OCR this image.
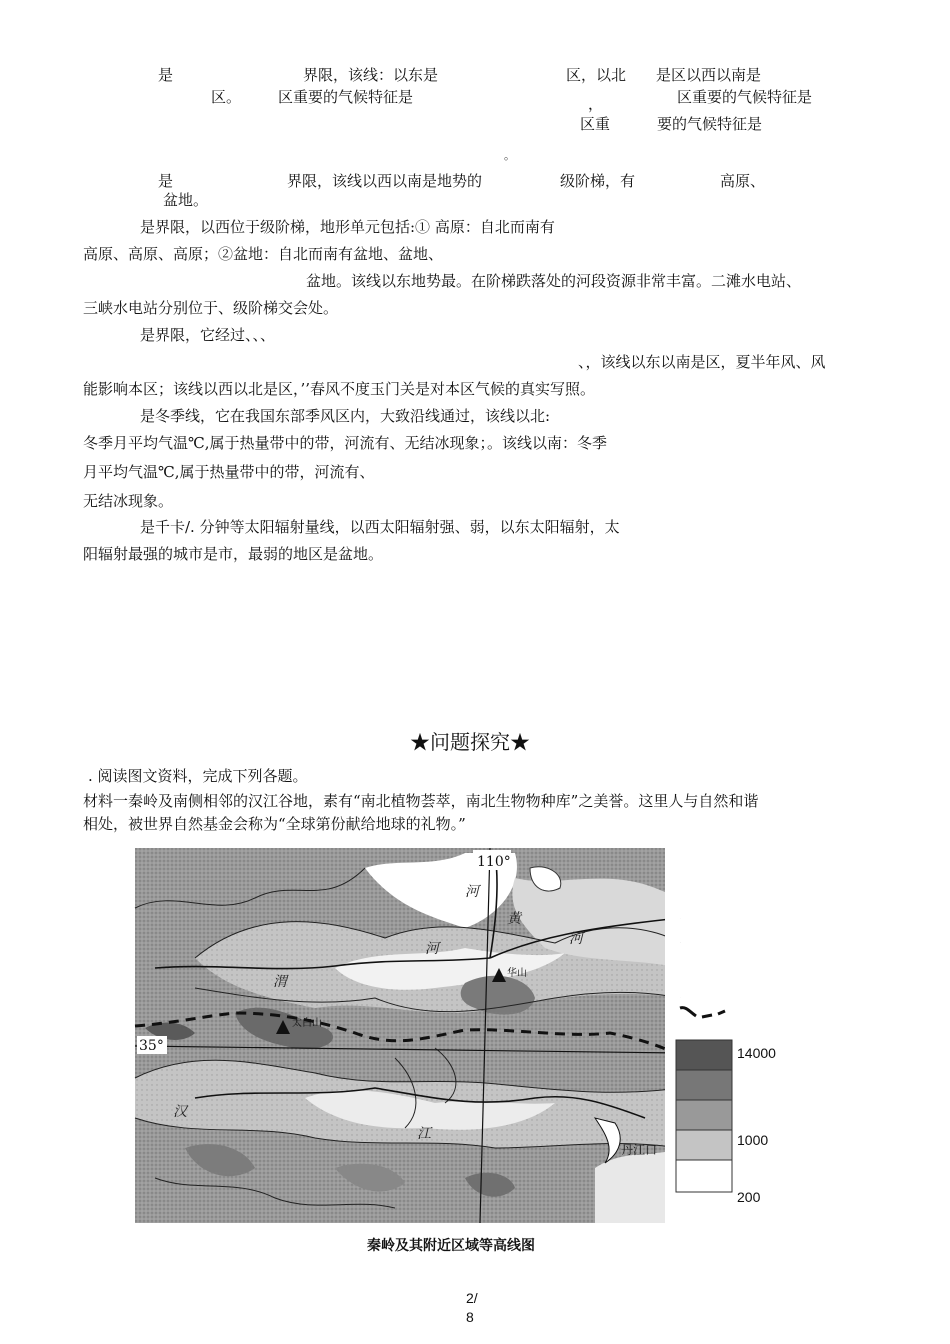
是	界限，该线：以东是	区，以北 是区以西以南是
区。 区重要的气候特征是	，	区重要的气候特征是
区重	要的气候特征是
。
是	界限，该线以西以南是地势的	级阶梯，有	高原、
盆地。
是界限，以西位于级阶梯，地形单元包括:① 高原：自北而南有
高原、高原、高原；②盆地：自北而南有盆地、盆地、
盆地。该线以东地势最。在阶梯跌落处的河段资源非常丰富。二滩水电站、
三峡水电站分别位于、级阶梯交会处。
是界限，它经过、、、
、，该线以东以南是区，夏半年风、风
能影响本区；该线以西以北是区，’’春风不度玉门关是对本区气候的真实写照。
是冬季线，它在我国东部季风区内，大致沿线通过，该线以北:
冬季月平均气温℃,属于热量带中的带，河流有、无结冰现象；。该线以南：冬季
月平均气温℃,属于热量带中的带，河流有、
无结冰现象。
是千卡/. 分钟等太阳辐射量线，以西太阳辐射强、弱，以东太阳辐射，太
阳辐射最强的城市是市，最弱的地区是盆地。
★问题探究★
. 阅读图文资料，完成下列各题。
材料一秦岭及南侧相邻的汉江谷地，素有“南北植物荟萃，南北生物物种库”之美誉。这里人与自然和谐
相处，被世界自然基金会称为“全球第份献给地球的礼物。”
110°
35°
渭
河
黄
河
汉
江
河
华山
太白山
丹江口
14000
1000
200
秦岭及其附近区域等高线图
2/
8
